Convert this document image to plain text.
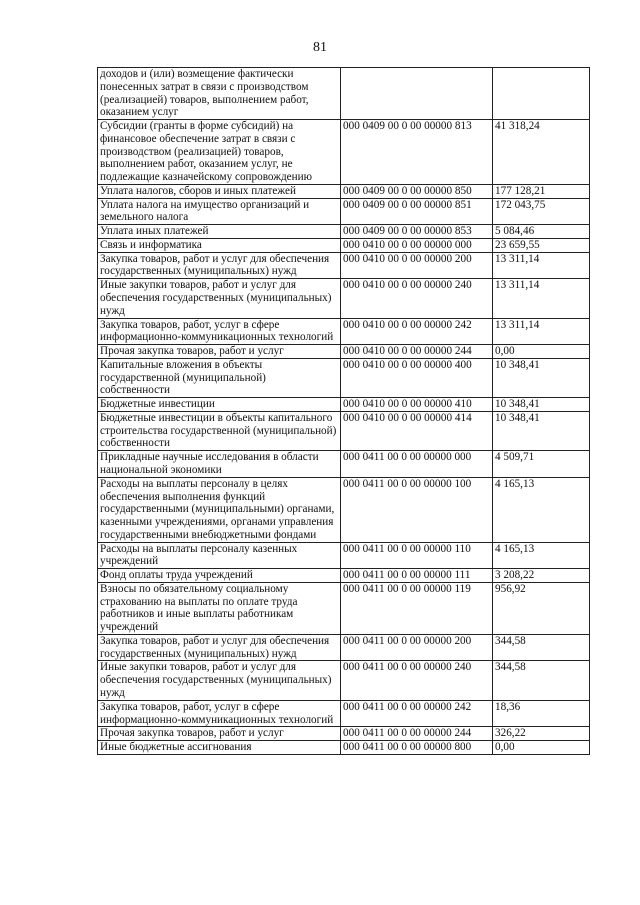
81
доходов и (или) возмещение фактически понесенных затрат в связи с производством (реализацией) товаров, выполнением работ, оказанием услуг		
Субсидии (гранты в форме субсидий) на финансовое обеспечение затрат в связи с производством (реализацией) товаров, выполнением работ, оказанием услуг, не подлежащие казначейскому сопровождению	000 0409 00 0 00 00000 813	41 318,24
Уплата налогов, сборов и иных платежей	000 0409 00 0 00 00000 850	177 128,21
Уплата налога на имущество организаций и земельного налога	000 0409 00 0 00 00000 851	172 043,75
Уплата иных платежей	000 0409 00 0 00 00000 853	5 084,46
Связь и информатика	000 0410 00 0 00 00000 000	23 659,55
Закупка товаров, работ и услуг для обеспечения государственных (муниципальных) нужд	000 0410 00 0 00 00000 200	13 311,14
Иные закупки товаров, работ и услуг для обеспечения государственных (муниципальных) нужд	000 0410 00 0 00 00000 240	13 311,14
Закупка товаров, работ, услуг в сфере информационно-коммуникационных технологий	000 0410 00 0 00 00000 242	13 311,14
Прочая закупка товаров, работ и услуг	000 0410 00 0 00 00000 244	0,00
Капитальные вложения в объекты государственной (муниципальной) собственности	000 0410 00 0 00 00000 400	10 348,41
Бюджетные инвестиции	000 0410 00 0 00 00000 410	10 348,41
Бюджетные инвестиции в объекты капитального строительства государственной (муниципальной) собственности	000 0410 00 0 00 00000 414	10 348,41
Прикладные научные исследования в области национальной экономики	000 0411 00 0 00 00000 000	4 509,71
Расходы на выплаты персоналу в целях обеспечения выполнения функций государственными (муниципальными) органами, казенными учреждениями, органами управления государственными внебюджетными фондами	000 0411 00 0 00 00000 100	4 165,13
Расходы на выплаты персоналу казенных учреждений	000 0411 00 0 00 00000 110	4 165,13
Фонд оплаты труда учреждений	000 0411 00 0 00 00000 111	3 208,22
Взносы по обязательному социальному страхованию на выплаты по оплате труда работников и иные выплаты работникам учреждений	000 0411 00 0 00 00000 119	956,92
Закупка товаров, работ и услуг для обеспечения государственных (муниципальных) нужд	000 0411 00 0 00 00000 200	344,58
Иные закупки товаров, работ и услуг для обеспечения государственных (муниципальных) нужд	000 0411 00 0 00 00000 240	344,58
Закупка товаров, работ, услуг в сфере информационно-коммуникационных технологий	000 0411 00 0 00 00000 242	18,36
Прочая закупка товаров, работ и услуг	000 0411 00 0 00 00000 244	326,22
Иные бюджетные ассигнования	000 0411 00 0 00 00000 800	0,00
